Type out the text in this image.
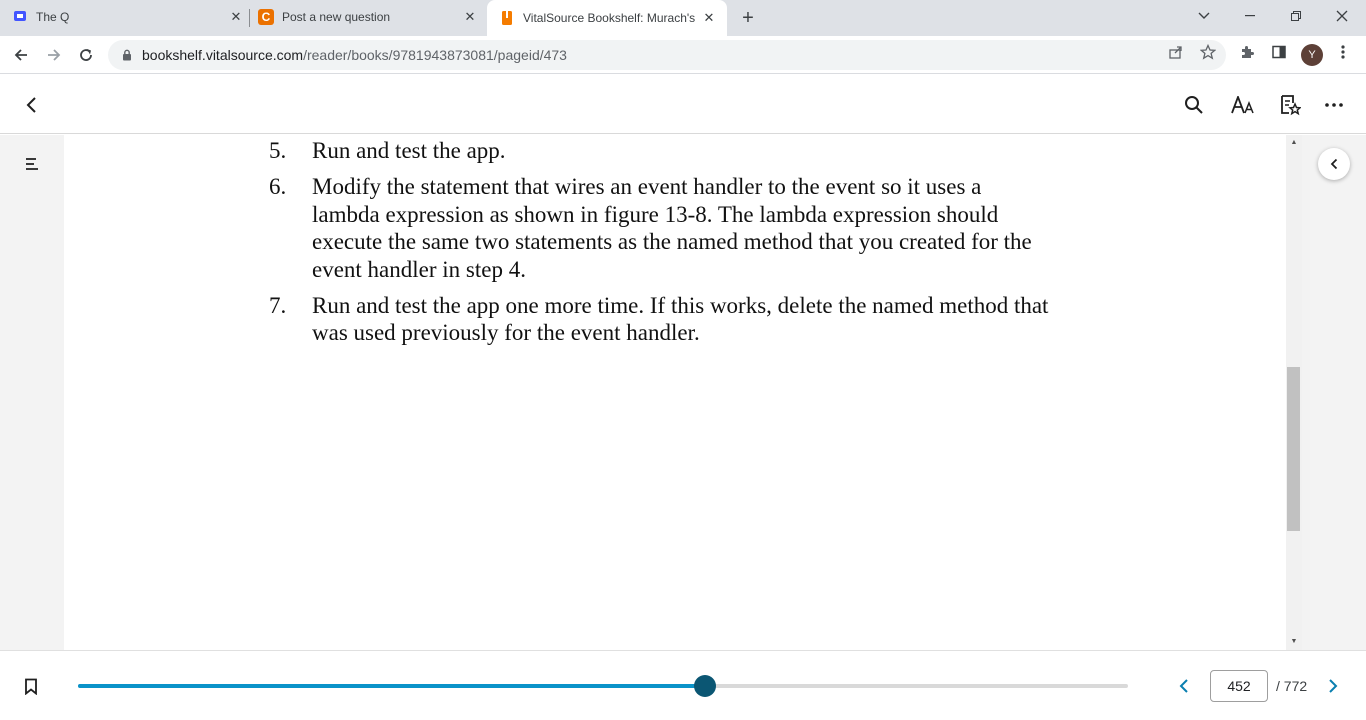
The Q	✕ C Post a new question	✕	VitalSource Bookshelf: Murach's ✕	+
bookshelf.vitalsource.com/reader/books/9781943873081/pageid/473	Y
5.	Run and test the app.
6.	Modify the statement that wires an event handler to the event so it uses a lambda expression as shown in figure 13-8. The lambda expression should execute the same two statements as the named method that you created for the event handler in step 4.
7.	Run and test the app one more time. If this works, delete the named method that was used previously for the event handler.
▲
▼
452	/ 772
